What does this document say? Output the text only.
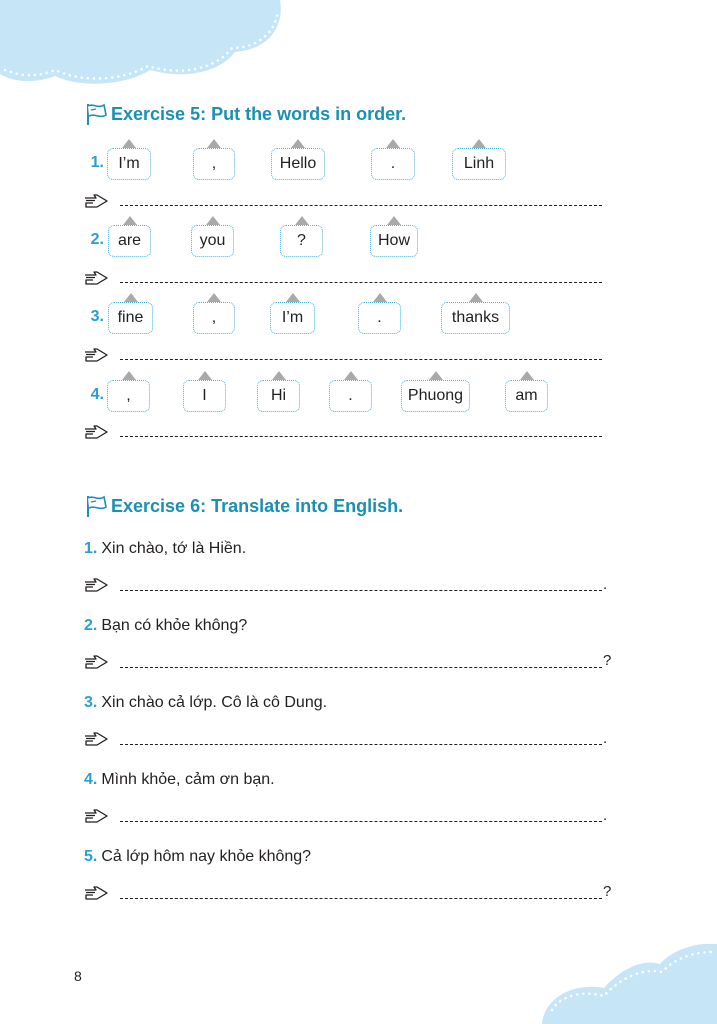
Exercise 5: Put the words in order.
1. I’m	,	Hello	.	Linh
2. are	you	?	How
3. fine	,	I’m	.	thanks
4.	,	I	Hi	.	Phuong	am
Exercise 6: Translate into English.
1. Xin chào, tớ là Hiền.
.
2. Bạn có khỏe không?
?
3. Xin chào cả lớp. Cô là cô Dung.
.
4. Mình khỏe, cảm ơn bạn.
.
5. Cả lớp hôm nay khỏe không?
?
8
